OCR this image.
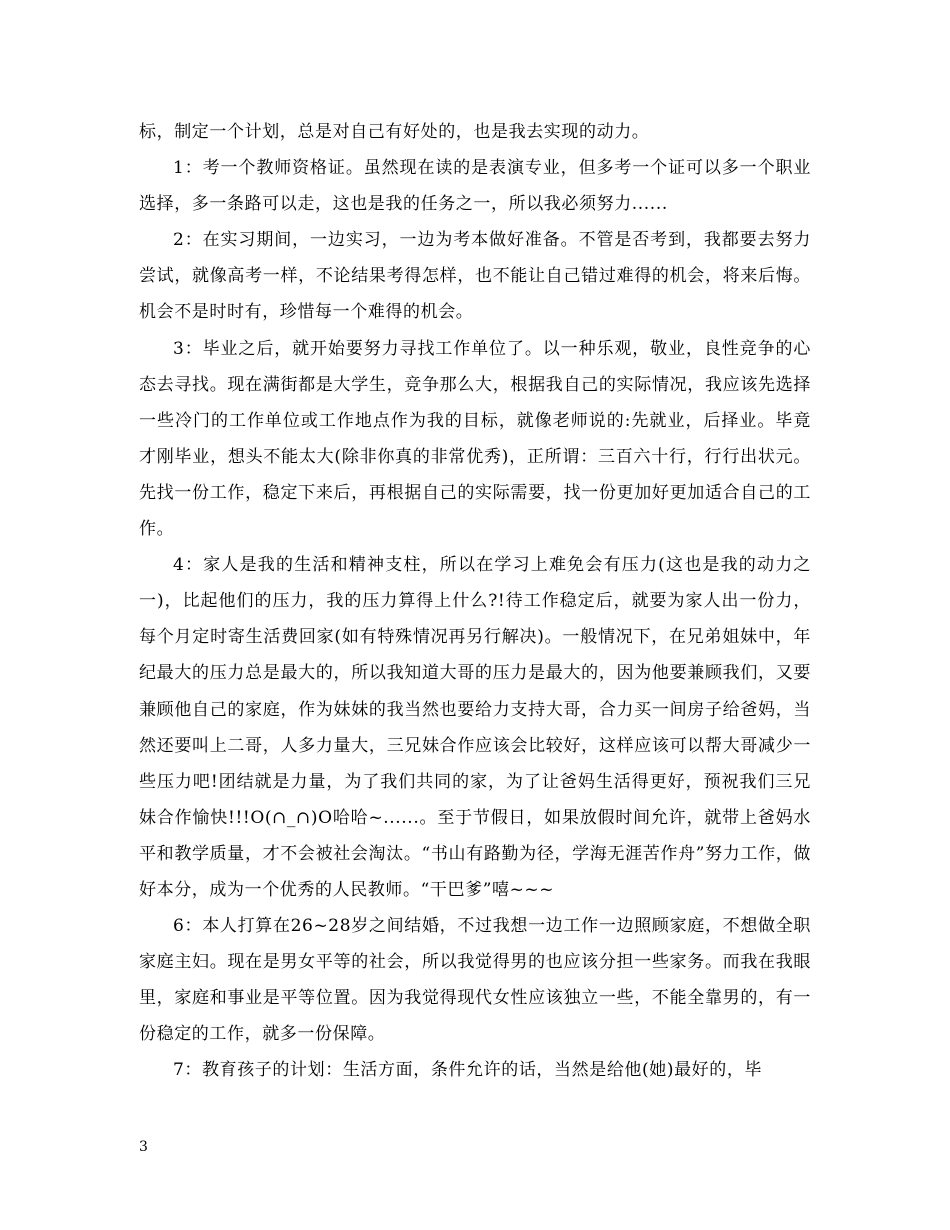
标，制定一个计划，总是对自己有好处的，也是我去实现的动力。

1：考一个教师资格证。虽然现在读的是表演专业，但多考一个证可以多一个职业选择，多一条路可以走，这也是我的任务之一，所以我必须努力......

2：在实习期间，一边实习，一边为考本做好准备。不管是否考到，我都要去努力尝试，就像高考一样，不论结果考得怎样，也不能让自己错过难得的机会，将来后悔。机会不是时时有，珍惜每一个难得的机会。

3：毕业之后，就开始要努力寻找工作单位了。以一种乐观，敬业，良性竞争的心态去寻找。现在满街都是大学生，竞争那么大，根据我自己的实际情况，我应该先选择一些冷门的工作单位或工作地点作为我的目标，就像老师说的:先就业，后择业。毕竟才刚毕业，想头不能太大(除非你真的非常优秀)，正所谓：三百六十行，行行出状元。先找一份工作，稳定下来后，再根据自己的实际需要，找一份更加好更加适合自己的工作。

4：家人是我的生活和精神支柱，所以在学习上难免会有压力(这也是我的动力之一)，比起他们的压力，我的压力算得上什么?!待工作稳定后，就要为家人出一份力，每个月定时寄生活费回家(如有特殊情况再另行解决)。一般情况下，在兄弟姐妹中，年纪最大的压力总是最大的，所以我知道大哥的压力是最大的，因为他要兼顾我们，又要兼顾他自己的家庭，作为妹妹的我当然也要给力支持大哥，合力买一间房子给爸妈，当然还要叫上二哥，人多力量大，三兄妹合作应该会比较好，这样应该可以帮大哥减少一些压力吧!团结就是力量，为了我们共同的家，为了让爸妈生活得更好，预祝我们三兄妹合作愉快!!!O(∩_∩)O哈哈~......。至于节假日，如果放假时间允许，就带上爸妈水平和教学质量，才不会被社会淘汰。“书山有路勤为径，学海无涯苦作舟”努力工作，做好本分，成为一个优秀的人民教师。“干巴爹”嘻~~~

6：本人打算在26~28岁之间结婚，不过我想一边工作一边照顾家庭，不想做全职家庭主妇。现在是男女平等的社会，所以我觉得男的也应该分担一些家务。而我在我眼里，家庭和事业是平等位置。因为我觉得现代女性应该独立一些，不能全靠男的，有一份稳定的工作，就多一份保障。

7：教育孩子的计划：生活方面，条件允许的话，当然是给他(她)最好的，毕

3
